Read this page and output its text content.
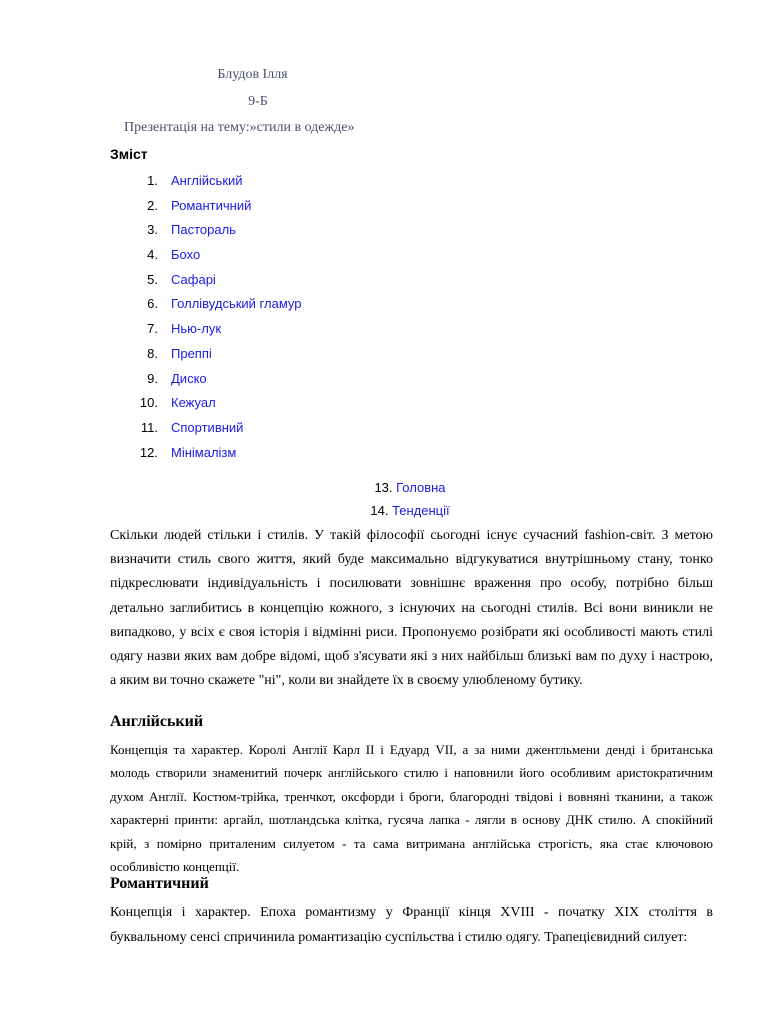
Блудов Ілля
9-Б
Презентація на тему:»стили в одежде»
Зміст
1. Англійський
2. Романтичний
3. Пастораль
4. Бохо
5. Сафарі
6. Голлівудський гламур
7. Нью-лук
8. Преппі
9. Диско
10. Кежуал
11. Спортивний
12. Мінімалізм
13. Головна
14. Тенденції

Скільки людей стільки і стилів. У такій філософії сьогодні існує сучасний fashion-світ. З метою визначити стиль свого життя, який буде максимально відгукуватися внутрішньому стану, тонко підкреслювати індивідуальність і посилювати зовнішнє враження про особу, потрібно більш детально заглибитись в концепцію кожного, з існуючих на сьогодні стилів. Всі вони виникли не випадково, у всіх є своя історія і відмінні риси. Пропонуємо розібрати які особливості мають стилі одягу назви яких вам добре відомі, щоб з'ясувати які з них найбільш близькі вам по духу і настрою, а яким ви точно скажете "ні", коли ви знайдете їх в своєму улюбленому бутику.

Англійський

Концепція та характер. Королі Англії Карл II і Едуард VII, а за ними джентльмени денді і британська молодь створили знаменитий почерк англійського стилю і наповнили його особливим аристократичним духом Англії. Костюм-трійка, тренчкот, оксфорди і броги, благородні твідові і вовняні тканини, а також характерні принти: аргайл, шотландська клітка, гусяча лапка - лягли в основу ДНК стилю. А спокійний крій, з помірно приталеним силуетом - та сама витримана англійська строгість, яка стає ключовою особливістю концепції.

Романтичний

Концепція і характер. Епоха романтизму у Франції кінця XVIII - початку XIX століття в буквальному сенсі спричинила романтизацію суспільства і стилю одягу. Трапецієвидний силует:
